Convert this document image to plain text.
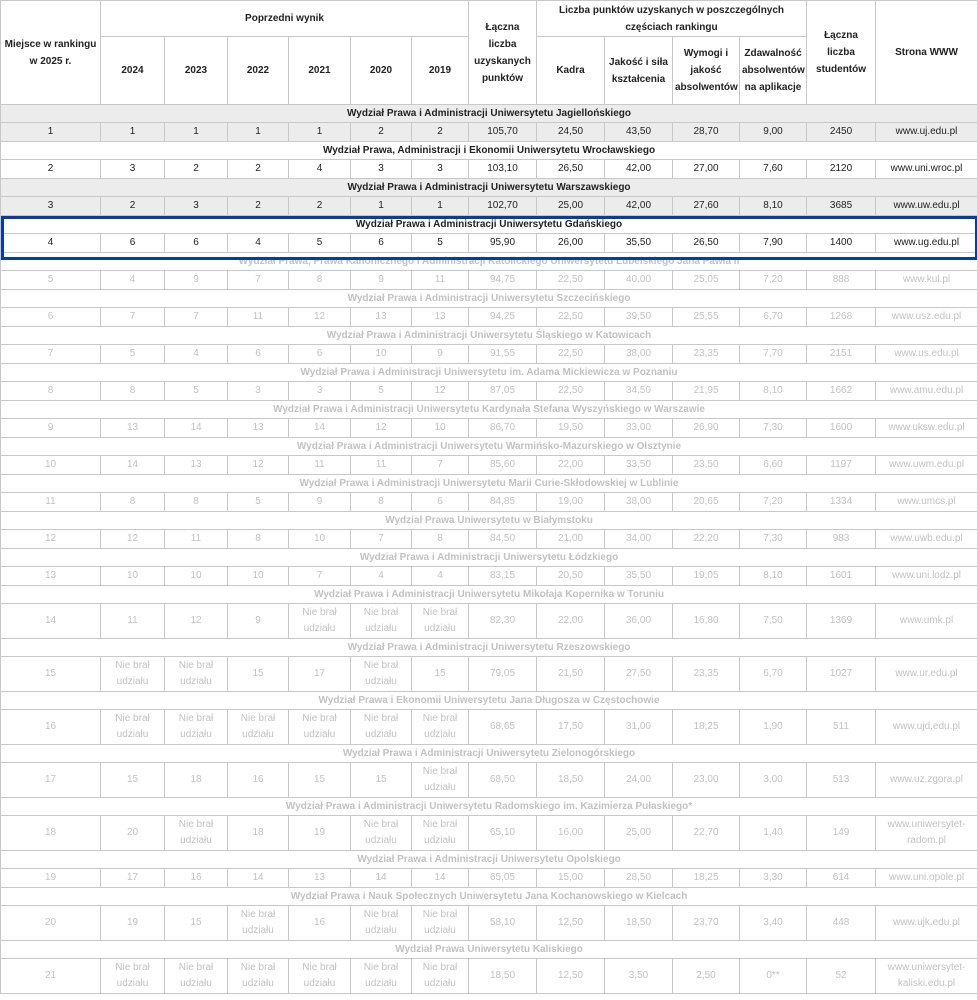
Miejsce w rankingu w 2025 r.	Poprzedni wynik						Łączna liczba uzyskanych punktów	Liczba punktów uzyskanych w poszczególnych częściach rankingu				Łączna liczba studentów	Strona WWW
	2024	2023	2022	2021	2020	2019		Kadra	Jakość i siła kształcenia	Wymogi i jakość absolwentów	Zdawalność absolwentów na aplikacje		
Wydział Prawa i Administracji Uniwersytetu Jagiellońskiego													
1	1	1	1	1	2	2	105,70	24,50	43,50	28,70	9,00	2450	www.uj.edu.pl
Wydział Prawa, Administracji i Ekonomii Uniwersytetu Wrocławskiego													
2	3	2	2	4	3	3	103,10	26,50	42,00	27,00	7,60	2120	www.uni.wroc.pl
Wydział Prawa i Administracji Uniwersytetu Warszawskiego													
3	2	3	2	2	1	1	102,70	25,00	42,00	27,60	8,10	3685	www.uw.edu.pl
Wydział Prawa i Administracji Uniwersytetu Gdańskiego													
4	6	6	4	5	6	5	95,90	26,00	35,50	26,50	7,90	1400	www.ug.edu.pl
Wydział Prawa, Prawa Kanonicznego i Administracji Katolickiego Uniwersytetu Lubelskiego Jana Pawła II													
5	4	9	7	8	9	11	94,75	22,50	40,00	25,05	7,20	888	www.kul.pl
Wydział Prawa i Administracji Uniwersytetu Szczecińskiego													
6	7	7	11	12	13	13	94,25	22,50	39,50	25,55	6,70	1268	www.usz.edu.pl
Wydział Prawa i Administracji Uniwersytetu Śląskiego w Katowicach													
7	5	4	6	6	10	9	91,55	22,50	38,00	23,35	7,70	2151	www.us.edu.pl
Wydział Prawa i Administracji Uniwersytetu im. Adama Mickiewicza w Poznaniu													
8	8	5	3	3	5	12	87,05	22,50	34,50	21,95	8,10	1662	www.amu.edu.pl
Wydział Prawa i Administracji Uniwersytetu Kardynała Stefana Wyszyńskiego w Warszawie													
9	13	14	13	14	12	10	86,70	19,50	33,00	26,90	7,30	1600	www.uksw.edu.pl
Wydział Prawa i Administracji Uniwersytetu Warmińsko-Mazurskiego w Olsztynie													
10	14	13	12	11	11	7	85,60	22,00	33,50	23,50	6,60	1197	www.uwm.edu.pl
Wydział Prawa i Administracji Uniwersytetu Marii Curie-Skłodowskiej w Lublinie													
11	8	8	5	9	8	6	84,85	19,00	38,00	20,65	7,20	1334	www.umcs.pl
Wydział Prawa Uniwersytetu w Białymstoku													
12	12	11	8	10	7	8	84,50	21,00	34,00	22,20	7,30	983	www.uwb.edu.pl
Wydział Prawa i Administracji Uniwersytetu Łódzkiego													
13	10	10	10	7	4	4	83,15	20,50	35,50	19,05	8,10	1601	www.uni.lodz.pl
Wydział Prawa i Administracji Uniwersytetu Mikołaja Kopernika w Toruniu													
14	11	12	9	Nie brał udziału	Nie brał udziału	Nie brał udziału	82,30	22,00	36,00	16,80	7,50	1369	www.umk.pl
Wydział Prawa i Administracji Uniwersytetu Rzeszowskiego													
15	Nie brał udziału	Nie brał udziału	15	17	Nie brał udziału	15	79,05	21,50	27,50	23,35	6,70	1027	www.ur.edu.pl
Wydział Prawa i Ekonomii Uniwersytetu Jana Długosza w Częstochowie													
16	Nie brał udziału	Nie brał udziału	Nie brał udziału	Nie brał udziału	Nie brał udziału	Nie brał udziału	68,65	17,50	31,00	18,25	1,90	511	www.ujd.edu.pl
Wydział Prawa i Administracji Uniwersytetu Zielonogórskiego													
17	15	18	16	15	15	Nie brał udziału	68,50	18,50	24,00	23,00	3,00	513	www.uz.zgora.pl
Wydział Prawa i Administracji Uniwersytetu Radomskiego im. Kazimierza Pułaskiego*													
18	20	Nie brał udziału	18	19	Nie brał udziału	Nie brał udziału	65,10	16,00	25,00	22,70	1,40	149	www.uniwersytet-radom.pl
Wydział Prawa i Administracji Uniwersytetu Opolskiego													
19	17	16	14	13	14	14	65,05	15,00	28,50	18,25	3,30	614	www.uni.opole.pl
Wydział Prawa i Nauk Społecznych Uniwersytetu Jana Kochanowskiego w Kielcach													
20	19	15	Nie brał udziału	16	Nie brał udziału	Nie brał udziału	58,10	12,50	18,50	23,70	3,40	448	www.ujk.edu.pl
Wydział Prawa Uniwersytetu Kaliskiego													
21	Nie brał udziału	Nie brał udziału	Nie brał udziału	Nie brał udziału	Nie brał udziału	Nie brał udziału	18,50	12,50	3,50	2,50	0**	52	www.uniwersytet-kaliski.edu.pl
